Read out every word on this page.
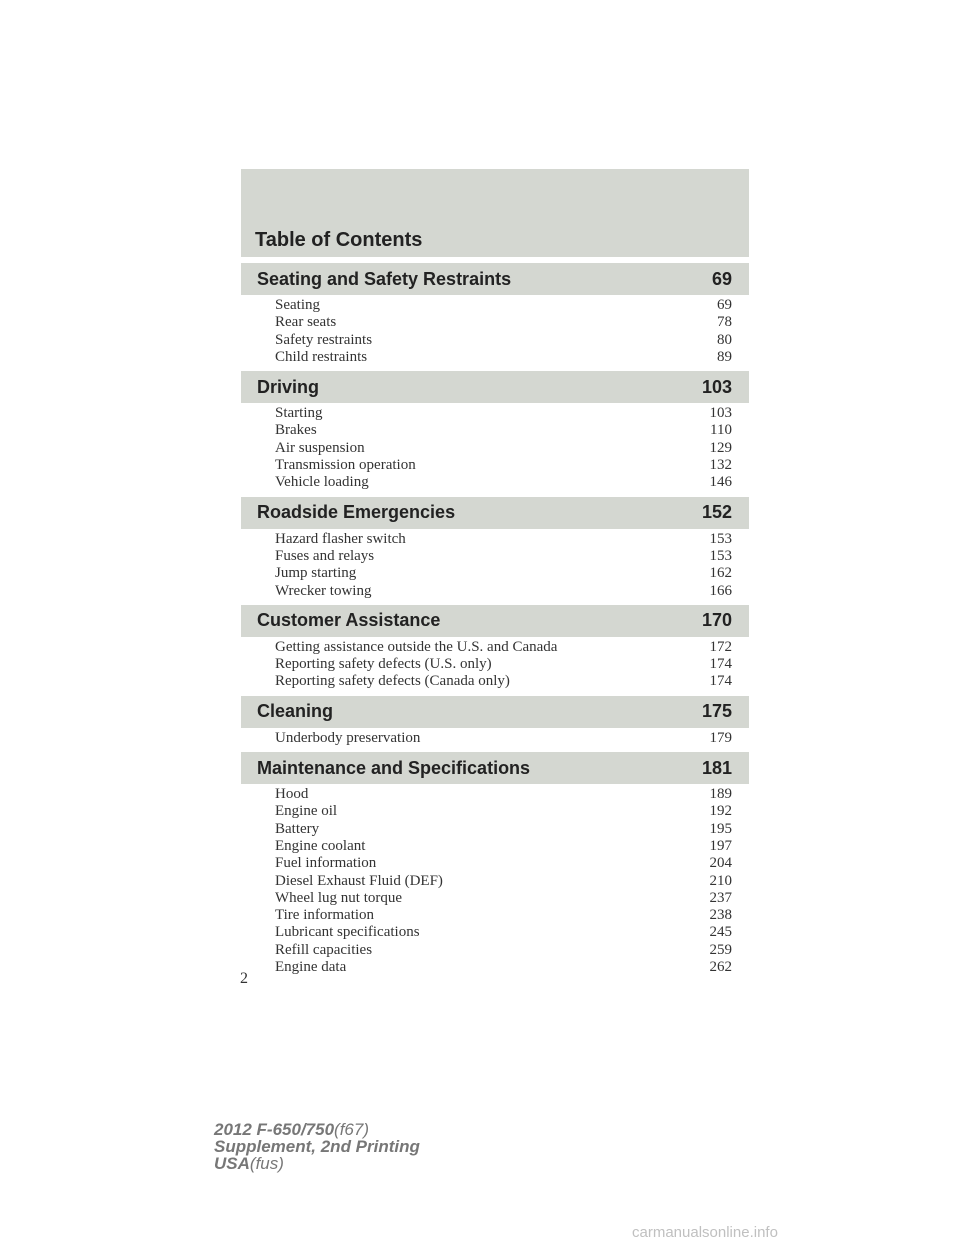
Table of Contents
Seating and Safety Restraints	69
Seating	69
Rear seats	78
Safety restraints	80
Child restraints	89
Driving	103
Starting	103
Brakes	110
Air suspension	129
Transmission operation	132
Vehicle loading	146
Roadside Emergencies	152
Hazard flasher switch	153
Fuses and relays	153
Jump starting	162
Wrecker towing	166
Customer Assistance	170
Getting assistance outside the U.S. and Canada	172
Reporting safety defects (U.S. only)	174
Reporting safety defects (Canada only)	174
Cleaning	175
Underbody preservation	179
Maintenance and Specifications	181
Hood	189
Engine oil	192
Battery	195
Engine coolant	197
Fuel information	204
Diesel Exhaust Fluid (DEF)	210
Wheel lug nut torque	237
Tire information	238
Lubricant specifications	245
Refill capacities	259
Engine data	262
2
2012 F-650/750(f67)
Supplement, 2nd Printing
USA(fus)
carmanualsonline.info
